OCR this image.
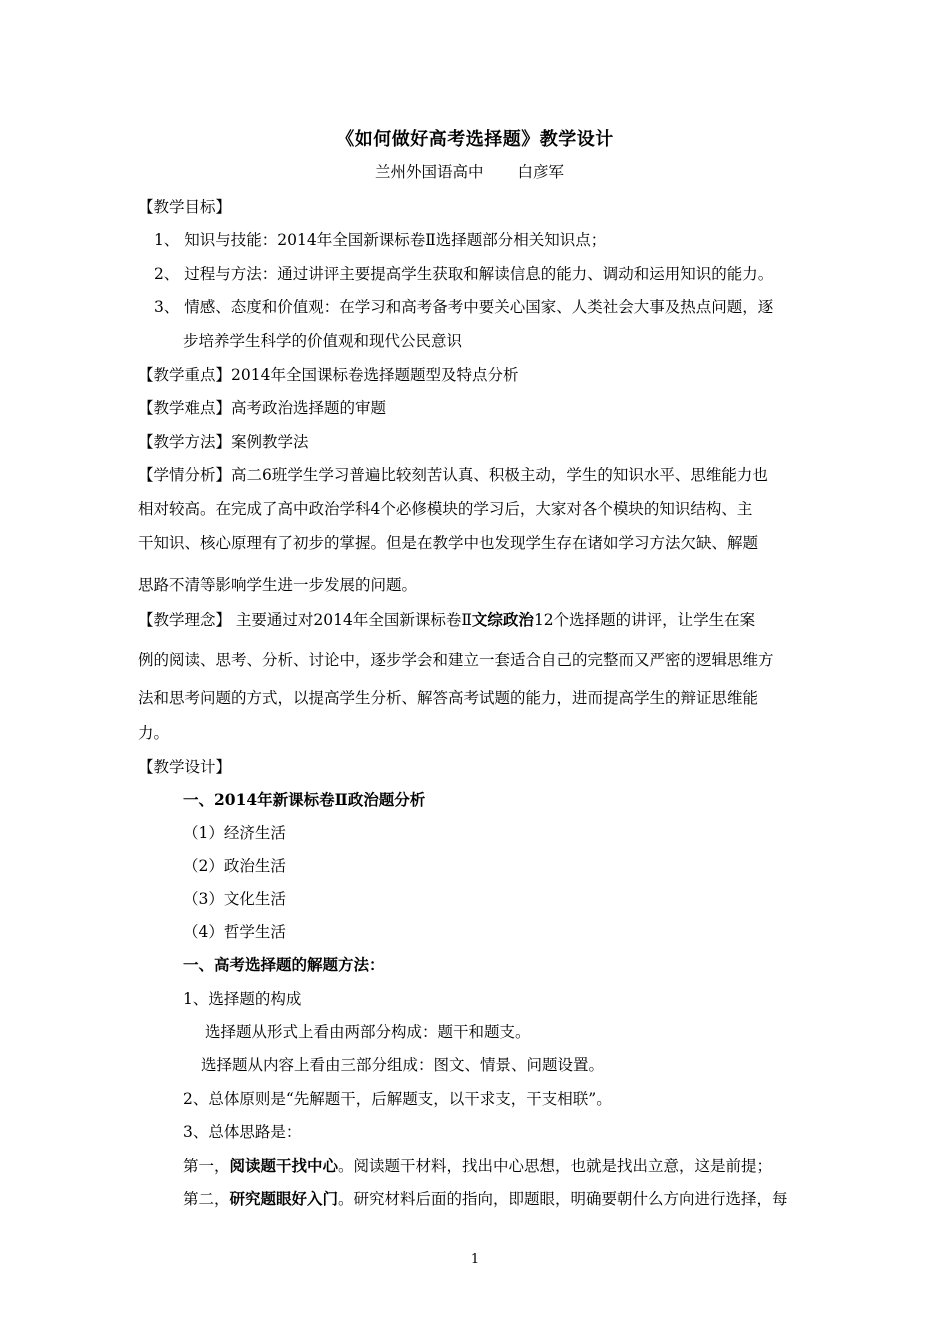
《如何做好高考选择题》教学设计
兰州外国语高中 白彦军
【教学目标】
1、 知识与技能：2014年全国新课标卷Ⅱ选择题部分相关知识点；
2、 过程与方法：通过讲评主要提高学生获取和解读信息的能力、调动和运用知识的能力。
3、 情感、态度和价值观：在学习和高考备考中要关心国家、人类社会大事及热点问题，逐
步培养学生科学的价值观和现代公民意识
【教学重点】2014年全国课标卷选择题题型及特点分析
【教学难点】高考政治选择题的审题
【教学方法】案例教学法
【学情分析】高二6班学生学习普遍比较刻苦认真、积极主动，学生的知识水平、思维能力也
相对较高。在完成了高中政治学科4个必修模块的学习后，大家对各个模块的知识结构、主
干知识、核心原理有了初步的掌握。但是在教学中也发现学生存在诸如学习方法欠缺、解题
思路不清等影响学生进一步发展的问题。
【教学理念】 主要通过对2014年全国新课标卷Ⅱ文综政治12个选择题的讲评，让学生在案
例的阅读、思考、分析、讨论中，逐步学会和建立一套适合自己的完整而又严密的逻辑思维方
法和思考问题的方式，以提高学生分析、解答高考试题的能力，进而提高学生的辩证思维能
力。
【教学设计】
一、2014年新课标卷Ⅱ政治题分析
（1）经济生活
（2）政治生活
（3）文化生活
（4）哲学生活
一、高考选择题的解题方法：
1、选择题的构成
选择题从形式上看由两部分构成：题干和题支。
选择题从内容上看由三部分组成：图文、情景、问题设置。
2、总体原则是“先解题干，后解题支，以干求支，干支相联”。
3、总体思路是：
第一，阅读题干找中心。阅读题干材料，找出中心思想，也就是找出立意，这是前提；
第二，研究题眼好入门。研究材料后面的指向，即题眼，明确要朝什么方向进行选择，每
1
